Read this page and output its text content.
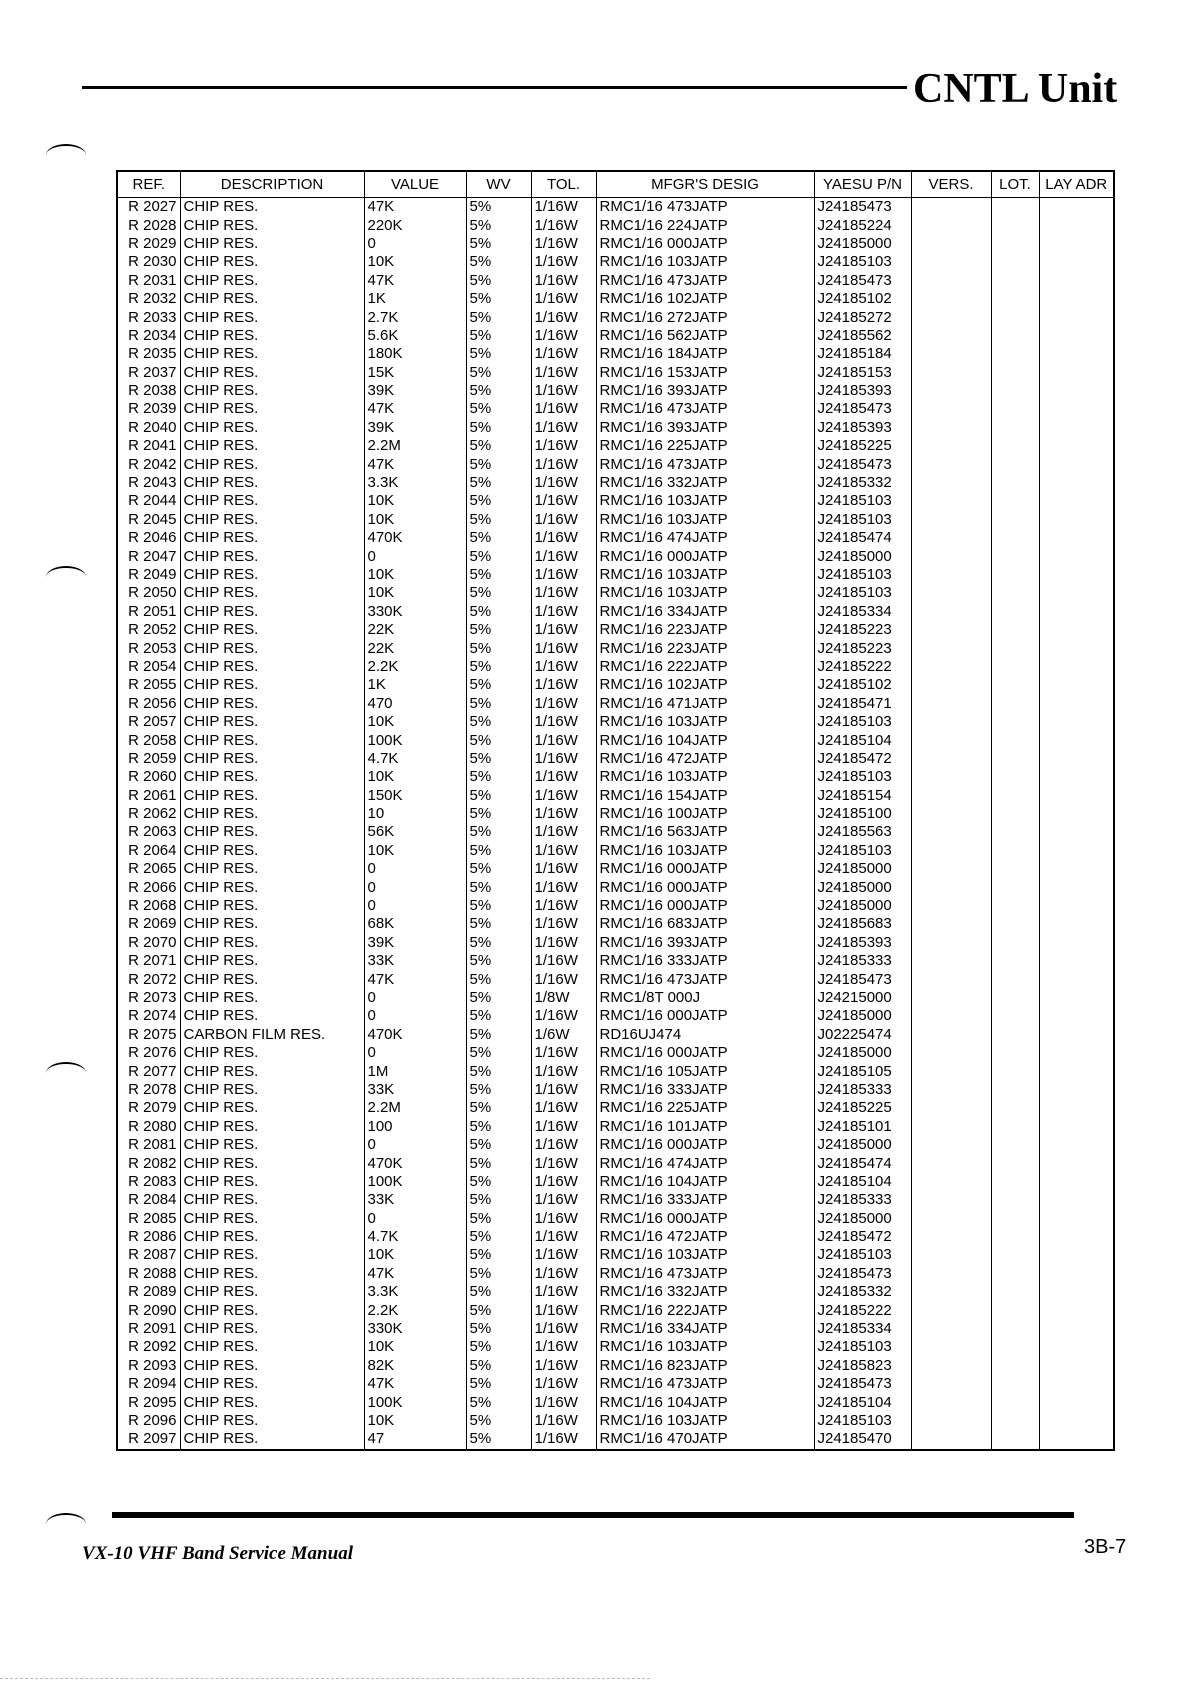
CNTL Unit
REF.	DESCRIPTION	VALUE	WV	TOL.	MFGR'S DESIG	YAESU P/N	VERS.	LOT.	LAY ADR
R 2027	CHIP RES.	47K	5%	1/16W	RMC1/16 473JATP	J24185473			
R 2028	CHIP RES.	220K	5%	1/16W	RMC1/16 224JATP	J24185224			
R 2029	CHIP RES.	0	5%	1/16W	RMC1/16 000JATP	J24185000			
R 2030	CHIP RES.	10K	5%	1/16W	RMC1/16 103JATP	J24185103			
R 2031	CHIP RES.	47K	5%	1/16W	RMC1/16 473JATP	J24185473			
R 2032	CHIP RES.	1K	5%	1/16W	RMC1/16 102JATP	J24185102			
R 2033	CHIP RES.	2.7K	5%	1/16W	RMC1/16 272JATP	J24185272			
R 2034	CHIP RES.	5.6K	5%	1/16W	RMC1/16 562JATP	J24185562			
R 2035	CHIP RES.	180K	5%	1/16W	RMC1/16 184JATP	J24185184			
R 2037	CHIP RES.	15K	5%	1/16W	RMC1/16 153JATP	J24185153			
R 2038	CHIP RES.	39K	5%	1/16W	RMC1/16 393JATP	J24185393			
R 2039	CHIP RES.	47K	5%	1/16W	RMC1/16 473JATP	J24185473			
R 2040	CHIP RES.	39K	5%	1/16W	RMC1/16 393JATP	J24185393			
R 2041	CHIP RES.	2.2M	5%	1/16W	RMC1/16 225JATP	J24185225			
R 2042	CHIP RES.	47K	5%	1/16W	RMC1/16 473JATP	J24185473			
R 2043	CHIP RES.	3.3K	5%	1/16W	RMC1/16 332JATP	J24185332			
R 2044	CHIP RES.	10K	5%	1/16W	RMC1/16 103JATP	J24185103			
R 2045	CHIP RES.	10K	5%	1/16W	RMC1/16 103JATP	J24185103			
R 2046	CHIP RES.	470K	5%	1/16W	RMC1/16 474JATP	J24185474			
R 2047	CHIP RES.	0	5%	1/16W	RMC1/16 000JATP	J24185000			
R 2049	CHIP RES.	10K	5%	1/16W	RMC1/16 103JATP	J24185103			
R 2050	CHIP RES.	10K	5%	1/16W	RMC1/16 103JATP	J24185103			
R 2051	CHIP RES.	330K	5%	1/16W	RMC1/16 334JATP	J24185334			
R 2052	CHIP RES.	22K	5%	1/16W	RMC1/16 223JATP	J24185223			
R 2053	CHIP RES.	22K	5%	1/16W	RMC1/16 223JATP	J24185223			
R 2054	CHIP RES.	2.2K	5%	1/16W	RMC1/16 222JATP	J24185222			
R 2055	CHIP RES.	1K	5%	1/16W	RMC1/16 102JATP	J24185102			
R 2056	CHIP RES.	470	5%	1/16W	RMC1/16 471JATP	J24185471			
R 2057	CHIP RES.	10K	5%	1/16W	RMC1/16 103JATP	J24185103			
R 2058	CHIP RES.	100K	5%	1/16W	RMC1/16 104JATP	J24185104			
R 2059	CHIP RES.	4.7K	5%	1/16W	RMC1/16 472JATP	J24185472			
R 2060	CHIP RES.	10K	5%	1/16W	RMC1/16 103JATP	J24185103			
R 2061	CHIP RES.	150K	5%	1/16W	RMC1/16 154JATP	J24185154			
R 2062	CHIP RES.	10	5%	1/16W	RMC1/16 100JATP	J24185100			
R 2063	CHIP RES.	56K	5%	1/16W	RMC1/16 563JATP	J24185563			
R 2064	CHIP RES.	10K	5%	1/16W	RMC1/16 103JATP	J24185103			
R 2065	CHIP RES.	0	5%	1/16W	RMC1/16 000JATP	J24185000			
R 2066	CHIP RES.	0	5%	1/16W	RMC1/16 000JATP	J24185000			
R 2068	CHIP RES.	0	5%	1/16W	RMC1/16 000JATP	J24185000			
R 2069	CHIP RES.	68K	5%	1/16W	RMC1/16 683JATP	J24185683			
R 2070	CHIP RES.	39K	5%	1/16W	RMC1/16 393JATP	J24185393			
R 2071	CHIP RES.	33K	5%	1/16W	RMC1/16 333JATP	J24185333			
R 2072	CHIP RES.	47K	5%	1/16W	RMC1/16 473JATP	J24185473			
R 2073	CHIP RES.	0	5%	1/8W	RMC1/8T 000J	J24215000			
R 2074	CHIP RES.	0	5%	1/16W	RMC1/16 000JATP	J24185000			
R 2075	CARBON FILM RES.	470K	5%	1/6W	RD16UJ474	J02225474			
R 2076	CHIP RES.	0	5%	1/16W	RMC1/16 000JATP	J24185000			
R 2077	CHIP RES.	1M	5%	1/16W	RMC1/16 105JATP	J24185105			
R 2078	CHIP RES.	33K	5%	1/16W	RMC1/16 333JATP	J24185333			
R 2079	CHIP RES.	2.2M	5%	1/16W	RMC1/16 225JATP	J24185225			
R 2080	CHIP RES.	100	5%	1/16W	RMC1/16 101JATP	J24185101			
R 2081	CHIP RES.	0	5%	1/16W	RMC1/16 000JATP	J24185000			
R 2082	CHIP RES.	470K	5%	1/16W	RMC1/16 474JATP	J24185474			
R 2083	CHIP RES.	100K	5%	1/16W	RMC1/16 104JATP	J24185104			
R 2084	CHIP RES.	33K	5%	1/16W	RMC1/16 333JATP	J24185333			
R 2085	CHIP RES.	0	5%	1/16W	RMC1/16 000JATP	J24185000			
R 2086	CHIP RES.	4.7K	5%	1/16W	RMC1/16 472JATP	J24185472			
R 2087	CHIP RES.	10K	5%	1/16W	RMC1/16 103JATP	J24185103			
R 2088	CHIP RES.	47K	5%	1/16W	RMC1/16 473JATP	J24185473			
R 2089	CHIP RES.	3.3K	5%	1/16W	RMC1/16 332JATP	J24185332			
R 2090	CHIP RES.	2.2K	5%	1/16W	RMC1/16 222JATP	J24185222			
R 2091	CHIP RES.	330K	5%	1/16W	RMC1/16 334JATP	J24185334			
R 2092	CHIP RES.	10K	5%	1/16W	RMC1/16 103JATP	J24185103			
R 2093	CHIP RES.	82K	5%	1/16W	RMC1/16 823JATP	J24185823			
R 2094	CHIP RES.	47K	5%	1/16W	RMC1/16 473JATP	J24185473			
R 2095	CHIP RES.	100K	5%	1/16W	RMC1/16 104JATP	J24185104			
R 2096	CHIP RES.	10K	5%	1/16W	RMC1/16 103JATP	J24185103			
R 2097	CHIP RES.	47	5%	1/16W	RMC1/16 470JATP	J24185470			
VX-10 VHF Band Service Manual	3B-7
